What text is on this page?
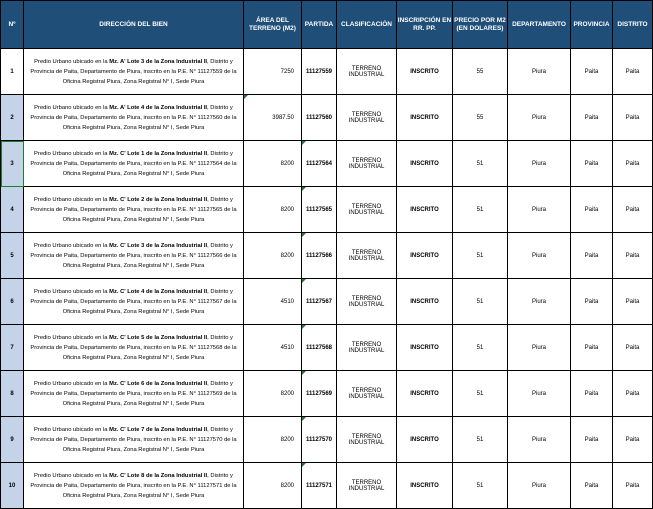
Nº	DIRECCIÓN DEL BIEN	ÁREA DEL TERRENO (M2)	PARTIDA	CLASIFICACIÓN	INSCRIPCIÓN EN RR. PP.	PRECIO POR M2 (EN DOLARES)	DEPARTAMENTO	PROVINCIA	DISTRITO
1	Predio Urbano ubicado en la Mz. A' Lote 3 de la Zona Industrial II, Distrito y Provincia de Paita, Departamento de Piura, inscrito en la P.E. N° 11127559 de la Oficina Registral Piura, Zona Registral N° I, Sede Piura	7250	11127559	TERRENO INDUSTRIAL	INSCRITO	55	Piura	Paita	Paita
2	Predio Urbano ubicado en la Mz. A' Lote 4 de la Zona Industrial II, Distrito y Provincia de Paita, Departamento de Piura, inscrito en la P.E. N° 11127560 de la Oficina Registral Piura, Zona Registral N° I, Sede Piura	3987.50	11127560	TERRENO INDUSTRIAL	INSCRITO	55	Piura	Paita	Paita
3	Predio Urbano ubicado en la Mz. C' Lote 1 de la Zona Industrial II, Distrito y Provincia de Paita, Departamento de Piura, inscrito en la P.E. N° 11127564 de la Oficina Registral Piura, Zona Registral N° I, Sede Piura	8200	11127564	TERRENO INDUSTRIAL	INSCRITO	51	Piura	Paita	Paita
4	Predio Urbano ubicado en la Mz. C' Lote 2 de la Zona Industrial II, Distrito y Provincia de Paita, Departamento de Piura, inscrito en la P.E. N° 11127565 de la Oficina Registral Piura, Zona Registral N° I, Sede Piura	8200	11127565	TERRENO INDUSTRIAL	INSCRITO	51	Piura	Paita	Paita
5	Predio Urbano ubicado en la Mz. C' Lote 3 de la Zona Industrial II, Distrito y Provincia de Paita, Departamento de Piura, inscrito en la P.E. N° 11127566 de la Oficina Registral Piura, Zona Registral N° I, Sede Piura	8200	11127566	TERRENO INDUSTRIAL	INSCRITO	51	Piura	Paita	Paita
6	Predio Urbano ubicado en la Mz. C' Lote 4 de la Zona Industrial II, Distrito y Provincia de Paita, Departamento de Piura, inscrito en la P.E. N° 11127567 de la Oficina Registral Piura, Zona Registral N° I, Sede Piura	4510	11127567	TERRENO INDUSTRIAL	INSCRITO	51	Piura	Paita	Paita
7	Predio Urbano ubicado en la Mz. C' Lote 5 de la Zona Industrial II, Distrito y Provincia de Paita, Departamento de Piura, inscrito en la P.E. N° 11127568 de la Oficina Registral Piura, Zona Registral N° I, Sede Piura	4510	11127568	TERRENO INDUSTRIAL	INSCRITO	51	Piura	Paita	Paita
8	Predio Urbano ubicado en la Mz. C' Lote 6 de la Zona Industrial II, Distrito y Provincia de Paita, Departamento de Piura, inscrito en la P.E. N° 11127569 de la Oficina Registral Piura, Zona Registral N° I, Sede Piura	8200	11127569	TERRENO INDUSTRIAL	INSCRITO	51	Piura	Paita	Paita
9	Predio Urbano ubicado en la Mz. C' Lote 7 de la Zona Industrial II, Distrito y Provincia de Paita, Departamento de Piura, inscrito en la P.E. N° 11127570 de la Oficina Registral Piura, Zona Registral N° I, Sede Piura	8200	11127570	TERRENO INDUSTRIAL	INSCRITO	51	Piura	Paita	Paita
10	Predio Urbano ubicado en la Mz. C' Lote 8 de la Zona Industrial II, Distrito y Provincia de Paita, Departamento de Piura, inscrito en la P.E. N° 11127571 de la Oficina Registral Piura, Zona Registral N° I, Sede Piura	8200	11127571	TERRENO INDUSTRIAL	INSCRITO	51	Piura	Paita	Paita
